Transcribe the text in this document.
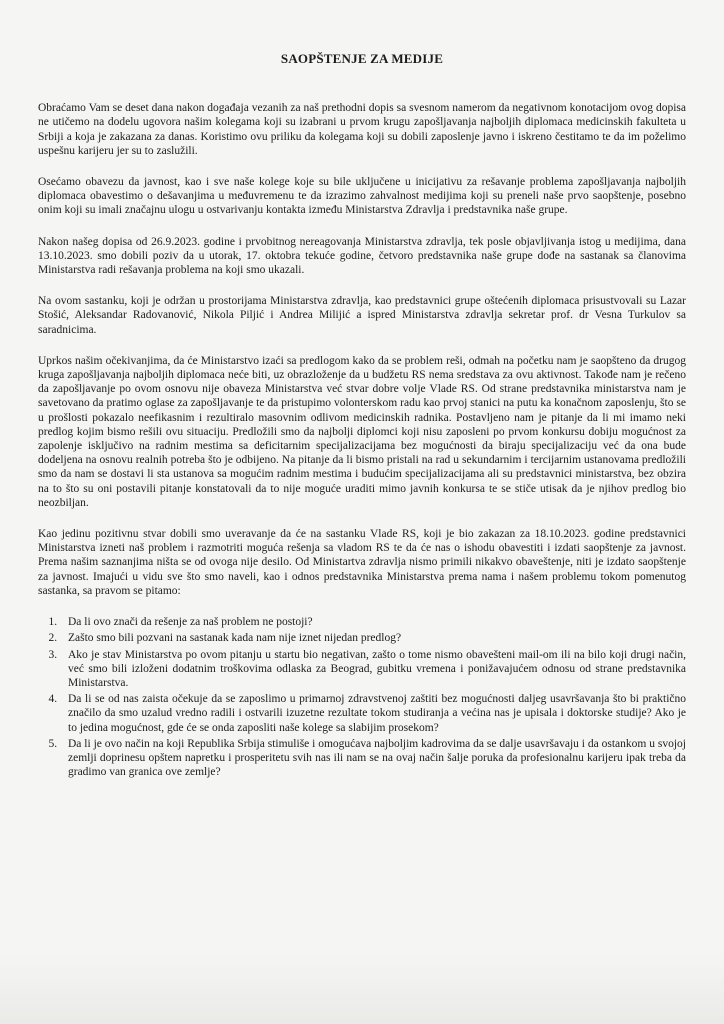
SAOPŠTENJE ZA MEDIJE

Obraćamo Vam se deset dana nakon događaja vezanih za naš prethodni dopis sa svesnom namerom da negativnom konotacijom ovog dopisa ne utičemo na dodelu ugovora našim kolegama koji su izabrani u prvom krugu zapošljavanja najboljih diplomaca medicinskih fakulteta u Srbiji a koja je zakazana za danas. Koristimo ovu priliku da kolegama koji su dobili zaposlenje javno i iskreno čestitamo te da im poželimo uspešnu karijeru jer su to zaslužili.

Osećamo obavezu da javnost, kao i sve naše kolege koje su bile uključene u inicijativu za rešavanje problema zapošljavanja najboljih diplomaca obavestimo o dešavanjima u međuvremenu te da izrazimo zahvalnost medijima koji su preneli naše prvo saopštenje, posebno onim koji su imali značajnu ulogu u ostvarivanju kontakta između Ministarstva Zdravlja i predstavnika naše grupe.

Nakon našeg dopisa od 26.9.2023. godine i prvobitnog nereagovanja Ministarstva zdravlja, tek posle objavljivanja istog u medijima, dana 13.10.2023. smo dobili poziv da u utorak, 17. oktobra tekuće godine, četvoro predstavnika naše grupe dođe na sastanak sa članovima Ministarstva radi rešavanja problema na koji smo ukazali.

Na ovom sastanku, koji je održan u prostorijama Ministarstva zdravlja, kao predstavnici grupe oštećenih diplomaca prisustvovali su Lazar Stošić, Aleksandar Radovanović, Nikola Piljić i Andrea Milijić a ispred Ministarstva zdravlja sekretar prof. dr Vesna Turkulov sa saradnicima.

Uprkos našim očekivanjima, da će Ministarstvo izaći sa predlogom kako da se problem reši, odmah na početku nam je saopšteno da drugog kruga zapošljavanja najboljih diplomaca neće biti, uz obrazloženje da u budžetu RS nema sredstava za ovu aktivnost. Takođe nam je rečeno da zapošljavanje po ovom osnovu nije obaveza Ministarstva već stvar dobre volje Vlade RS. Od strane predstavnika ministarstva nam je savetovano da pratimo oglase za zapošljavanje te da pristupimo volonterskom radu kao prvoj stanici na putu ka konačnom zaposlenju, što se u prošlosti pokazalo neefikasnim i rezultiralo masovnim odlivom medicinskih radnika. Postavljeno nam je pitanje da li mi imamo neki predlog kojim bismo rešili ovu situaciju. Predložili smo da najbolji diplomci koji nisu zaposleni po prvom konkursu dobiju mogućnost za zapolenje isključivo na radnim mestima sa deficitarnim specijalizacijama bez mogućnosti da biraju specijalizaciju već da ona bude dodeljena na osnovu realnih potreba što je odbijeno. Na pitanje da li bismo pristali na rad u sekundarnim i tercijarnim ustanovama predložili smo da nam se dostavi li sta ustanova sa mogućim radnim mestima i budućim specijalizacijama ali su predstavnici ministarstva, bez obzira na to što su oni postavili pitanje konstatovali da to nije moguće uraditi mimo javnih konkursa te se stiče utisak da je njihov predlog bio neozbiljan.

Kao jedinu pozitivnu stvar dobili smo uveravanje da će na sastanku Vlade RS, koji je bio zakazan za 18.10.2023. godine predstavnici Ministarstva izneti naš problem i razmotriti moguća rešenja sa vladom RS te da će nas o ishodu obavestiti i izdati saopštenje za javnost. Prema našim saznanjima ništa se od ovoga nije desilo. Od Ministartva zdravlja nismo primili nikakvo obaveštenje, niti je izdato saopštenje za javnost. Imajući u vidu sve što smo naveli, kao i odnos predstavnika Ministarstva prema nama i našem problemu tokom pomenutog sastanka, sa pravom se pitamo:

1. Da li ovo znači da rešenje za naš problem ne postoji?
2. Zašto smo bili pozvani na sastanak kada nam nije iznet nijedan predlog?
3. Ako je stav Ministarstva po ovom pitanju u startu bio negativan, zašto o tome nismo obavešteni mail-om ili na bilo koji drugi način, već smo bili izloženi dodatnim troškovima odlaska za Beograd, gubitku vremena i ponižavajućem odnosu od strane predstavnika Ministarstva.
4. Da li se od nas zaista očekuje da se zaposlimo u primarnoj zdravstvenoj zaštiti bez mogućnosti daljeg usavršavanja što bi praktično značilo da smo uzalud vredno radili i ostvarili izuzetne rezultate tokom studiranja a većina nas je upisala i doktorske studije? Ako je to jedina mogućnost, gde će se onda zaposliti naše kolege sa slabijim prosekom?
5. Da li je ovo način na koji Republika Srbija stimuliše i omogućava najboljim kadrovima da se dalje usavršavaju i da ostankom u svojoj zemlji doprinesu opštem napretku i prosperitetu svih nas ili nam se na ovaj način šalje poruka da profesionalnu karijeru ipak treba da gradimo van granica ove zemlje?
